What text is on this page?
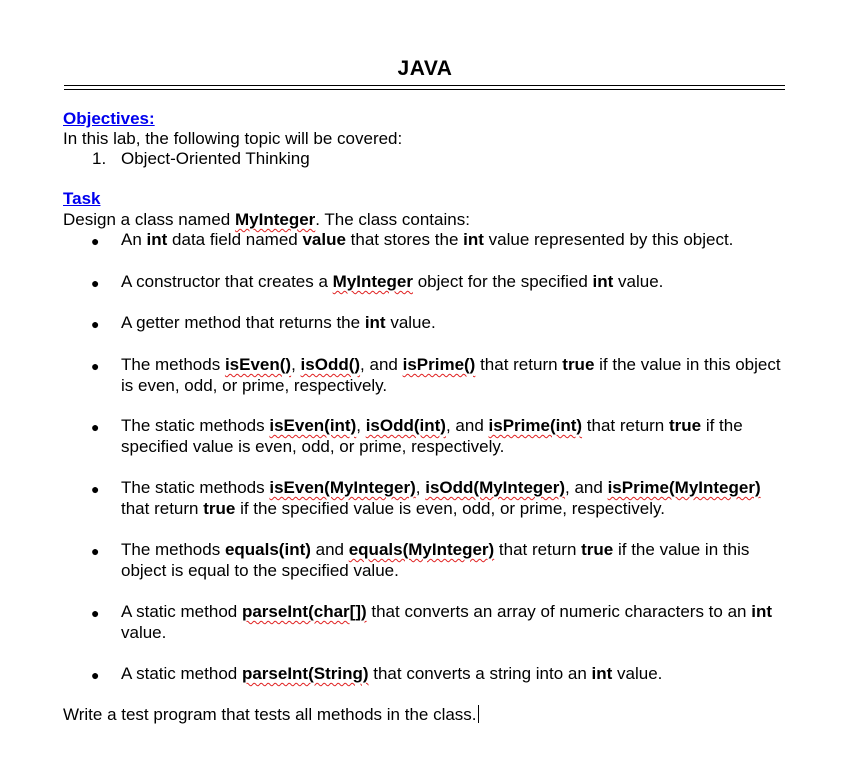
JAVA
Objectives:
In this lab, the following topic will be covered:
1. Object-Oriented Thinking
Task
Design a class named MyInteger. The class contains:
● An int data field named value that stores the int value represented by this object.
● A constructor that creates a MyInteger object for the specified int value.
● A getter method that returns the int value.
● The methods isEven(), isOdd(), and isPrime() that return true if the value in this object is even, odd, or prime, respectively.
● The static methods isEven(int), isOdd(int), and isPrime(int) that return true if the specified value is even, odd, or prime, respectively.
● The static methods isEven(MyInteger), isOdd(MyInteger), and isPrime(MyInteger) that return true if the specified value is even, odd, or prime, respectively.
● The methods equals(int) and equals(MyInteger) that return true if the value in this object is equal to the specified value.
● A static method parseInt(char[]) that converts an array of numeric characters to an int value.
● A static method parseInt(String) that converts a string into an int value.
Write a test program that tests all methods in the class.
